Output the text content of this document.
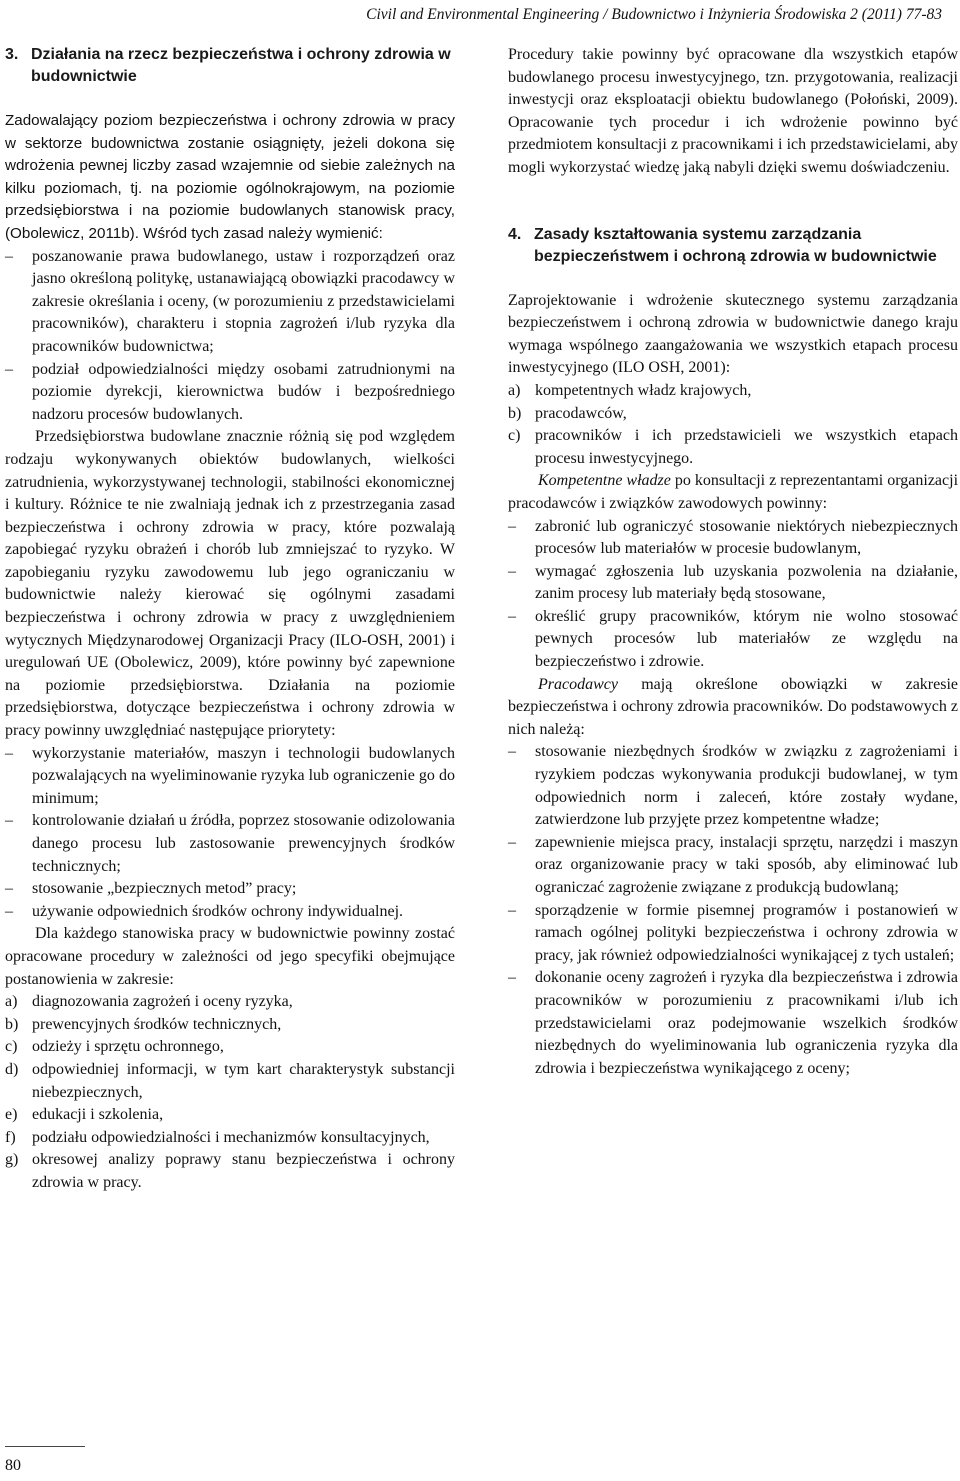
Civil and Environmental Engineering / Budownictwo i Inżynieria Środowiska 2 (2011) 77-83
3. Działania na rzecz bezpieczeństwa i ochrony zdrowia w budownictwie

Zadowalający poziom bezpieczeństwa i ochrony zdrowia w pracy w sektorze budownictwa zostanie osiągnięty, jeżeli dokona się wdrożenia pewnej liczby zasad wzajemnie od siebie zależnych na kilku poziomach, tj. na poziomie ogólnokrajowym, na poziomie przedsiębiorstwa i na poziomie budowlanych stanowisk pracy, (Obolewicz, 2011b). Wśród tych zasad należy wymienić:

– poszanowanie prawa budowlanego, ustaw i rozporządzeń oraz jasno określoną politykę, ustanawiającą obowiązki pracodawcy w zakresie określania i oceny, (w porozumieniu z przedstawicielami pracowników), charakteru i stopnia zagrożeń i/lub ryzyka dla pracowników budownictwa;
– podział odpowiedzialności między osobami zatrudnionymi na poziomie dyrekcji, kierownictwa budów i bezpośredniego nadzoru procesów budowlanych.

Przedsiębiorstwa budowlane znacznie różnią się pod względem rodzaju wykonywanych obiektów budowlanych, wielkości zatrudnienia, wykorzystywanej technologii, stabilności ekonomicznej i kultury. Różnice te nie zwalniają jednak ich z przestrzegania zasad bezpieczeństwa i ochrony zdrowia w pracy, które pozwalają zapobiegać ryzyku obrażeń i chorób lub zmniejszać to ryzyko. W zapobieganiu ryzyku zawodowemu lub jego ograniczaniu w budownictwie należy kierować się ogólnymi zasadami bezpieczeństwa i ochrony zdrowia w pracy z uwzględnieniem wytycznych Międzynarodowej Organizacji Pracy (ILO-OSH, 2001) i uregulowań UE (Obolewicz, 2009), które powinny być zapewnione na poziomie przedsiębiorstwa. Działania na poziomie przedsiębiorstwa, dotyczące bezpieczeństwa i ochrony zdrowia w pracy powinny uwzględniać następujące priorytety:

– wykorzystanie materiałów, maszyn i technologii budowlanych pozwalających na wyeliminowanie ryzyka lub ograniczenie go do minimum;
– kontrolowanie działań u źródła, poprzez stosowanie odizolowania danego procesu lub zastosowanie prewencyjnych środków technicznych;
– stosowanie „bezpiecznych metod” pracy;
– używanie odpowiednich środków ochrony indywidualnej.

Dla każdego stanowiska pracy w budownictwie powinny zostać opracowane procedury w zależności od jego specyfiki obejmujące postanowienia w zakresie:

a) diagnozowania zagrożeń i oceny ryzyka,
b) prewencyjnych środków technicznych,
c) odzieży i sprzętu ochronnego,
d) odpowiedniej informacji, w tym kart charakterystyk substancji niebezpiecznych,
e) edukacji i szkolenia,
f)	podziału odpowiedzialności i mechanizmów konsultacyjnych,
g) okresowej analizy poprawy stanu bezpieczeństwa i ochrony zdrowia w pracy.

Procedury takie powinny być opracowane dla wszystkich etapów budowlanego procesu inwestycyjnego, tzn. przygotowania, realizacji inwestycji oraz eksploatacji obiektu budowlanego (Połoński, 2009). Opracowanie tych procedur i ich wdrożenie powinno być przedmiotem konsultacji z pracownikami i ich przedstawicielami, aby mogli wykorzystać wiedzę jaką nabyli dzięki swemu doświadczeniu.

4. Zasady kształtowania systemu zarządzania bezpieczeństwem i ochroną zdrowia w budownictwie

Zaprojektowanie i wdrożenie skutecznego systemu zarządzania bezpieczeństwem i ochroną zdrowia w budownictwie danego kraju wymaga wspólnego zaangażowania we wszystkich etapach procesu inwestycyjnego (ILO OSH, 2001):

a) kompetentnych władz krajowych,
b) pracodawców,
c) pracowników i ich przedstawicieli we wszystkich etapach procesu inwestycyjnego.

Kompetentne władze po konsultacji z reprezentantami organizacji pracodawców i związków zawodowych powinny:

– zabronić lub ograniczyć stosowanie niektórych niebezpiecznych procesów lub materiałów w procesie budowlanym,
– wymagać zgłoszenia lub uzyskania pozwolenia na działanie, zanim procesy lub materiały będą stosowane,
– określić grupy pracowników, którym nie wolno stosować pewnych procesów lub materiałów ze względu na bezpieczeństwo i zdrowie.

Pracodawcy mają określone obowiązki w zakresie bezpieczeństwa i ochrony zdrowia pracowników. Do podstawowych z nich należą:

– stosowanie niezbędnych środków w związku z zagrożeniami i ryzykiem podczas wykonywania produkcji budowlanej, w tym odpowiednich norm i zaleceń, które zostały wydane, zatwierdzone lub przyjęte przez kompetentne władze;
– zapewnienie miejsca pracy, instalacji sprzętu, narzędzi i maszyn oraz organizowanie pracy w taki sposób, aby eliminować lub ograniczać zagrożenie związane z produkcją budowlaną;
– sporządzenie w formie pisemnej programów i postanowień w ramach ogólnej polityki bezpieczeństwa i ochrony zdrowia w pracy, jak również odpowiedzialności wynikającej z tych ustaleń;
– dokonanie oceny zagrożeń i ryzyka dla bezpieczeństwa i zdrowia pracowników w porozumieniu z pracownikami i/lub ich przedstawicielami oraz podejmowanie wszelkich środków niezbędnych do wyeliminowania lub ograniczenia ryzyka dla zdrowia i bezpieczeństwa wynikającego z oceny;
80
